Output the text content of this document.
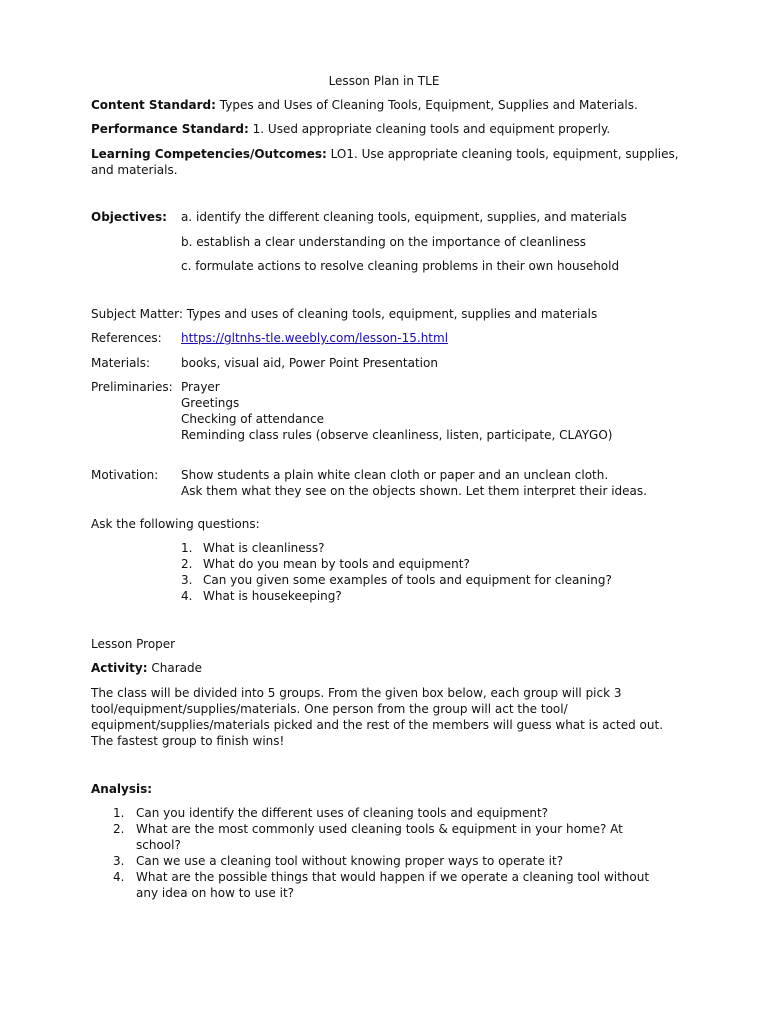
Lesson Plan in TLE
Content Standard: Types and Uses of Cleaning Tools, Equipment, Supplies and Materials.
Performance Standard: 1. Used appropriate cleaning tools and equipment properly.
Learning Competencies/Outcomes: LO1. Use appropriate cleaning tools, equipment, supplies,
and materials.
Objectives: a. identify the different cleaning tools, equipment, supplies, and materials
b. establish a clear understanding on the importance of cleanliness
c. formulate actions to resolve cleaning problems in their own household
Subject Matter: Types and uses of cleaning tools, equipment, supplies and materials
References: https://gltnhs-tle.weebly.com/lesson-15.html
Materials:	books, visual aid, Power Point Presentation
Preliminaries: Prayer
Greetings
Checking of attendance
Reminding class rules (observe cleanliness, listen, participate, CLAYGO)
Motivation: Show students a plain white clean cloth or paper and an unclean cloth.
Ask them what they see on the objects shown. Let them interpret their ideas.
Ask the following questions:
1. What is cleanliness?
2. What do you mean by tools and equipment?
3. Can you given some examples of tools and equipment for cleaning?
4. What is housekeeping?
Lesson Proper
Activity: Charade
The class will be divided into 5 groups. From the given box below, each group will pick 3
tool/equipment/supplies/materials. One person from the group will act the tool/
equipment/supplies/materials picked and the rest of the members will guess what is acted out.
The fastest group to finish wins!
Analysis:
1. Can you identify the different uses of cleaning tools and equipment?
2. What are the most commonly used cleaning tools & equipment in your home? At
school?
3. Can we use a cleaning tool without knowing proper ways to operate it?
4. What are the possible things that would happen if we operate a cleaning tool without
any idea on how to use it?
